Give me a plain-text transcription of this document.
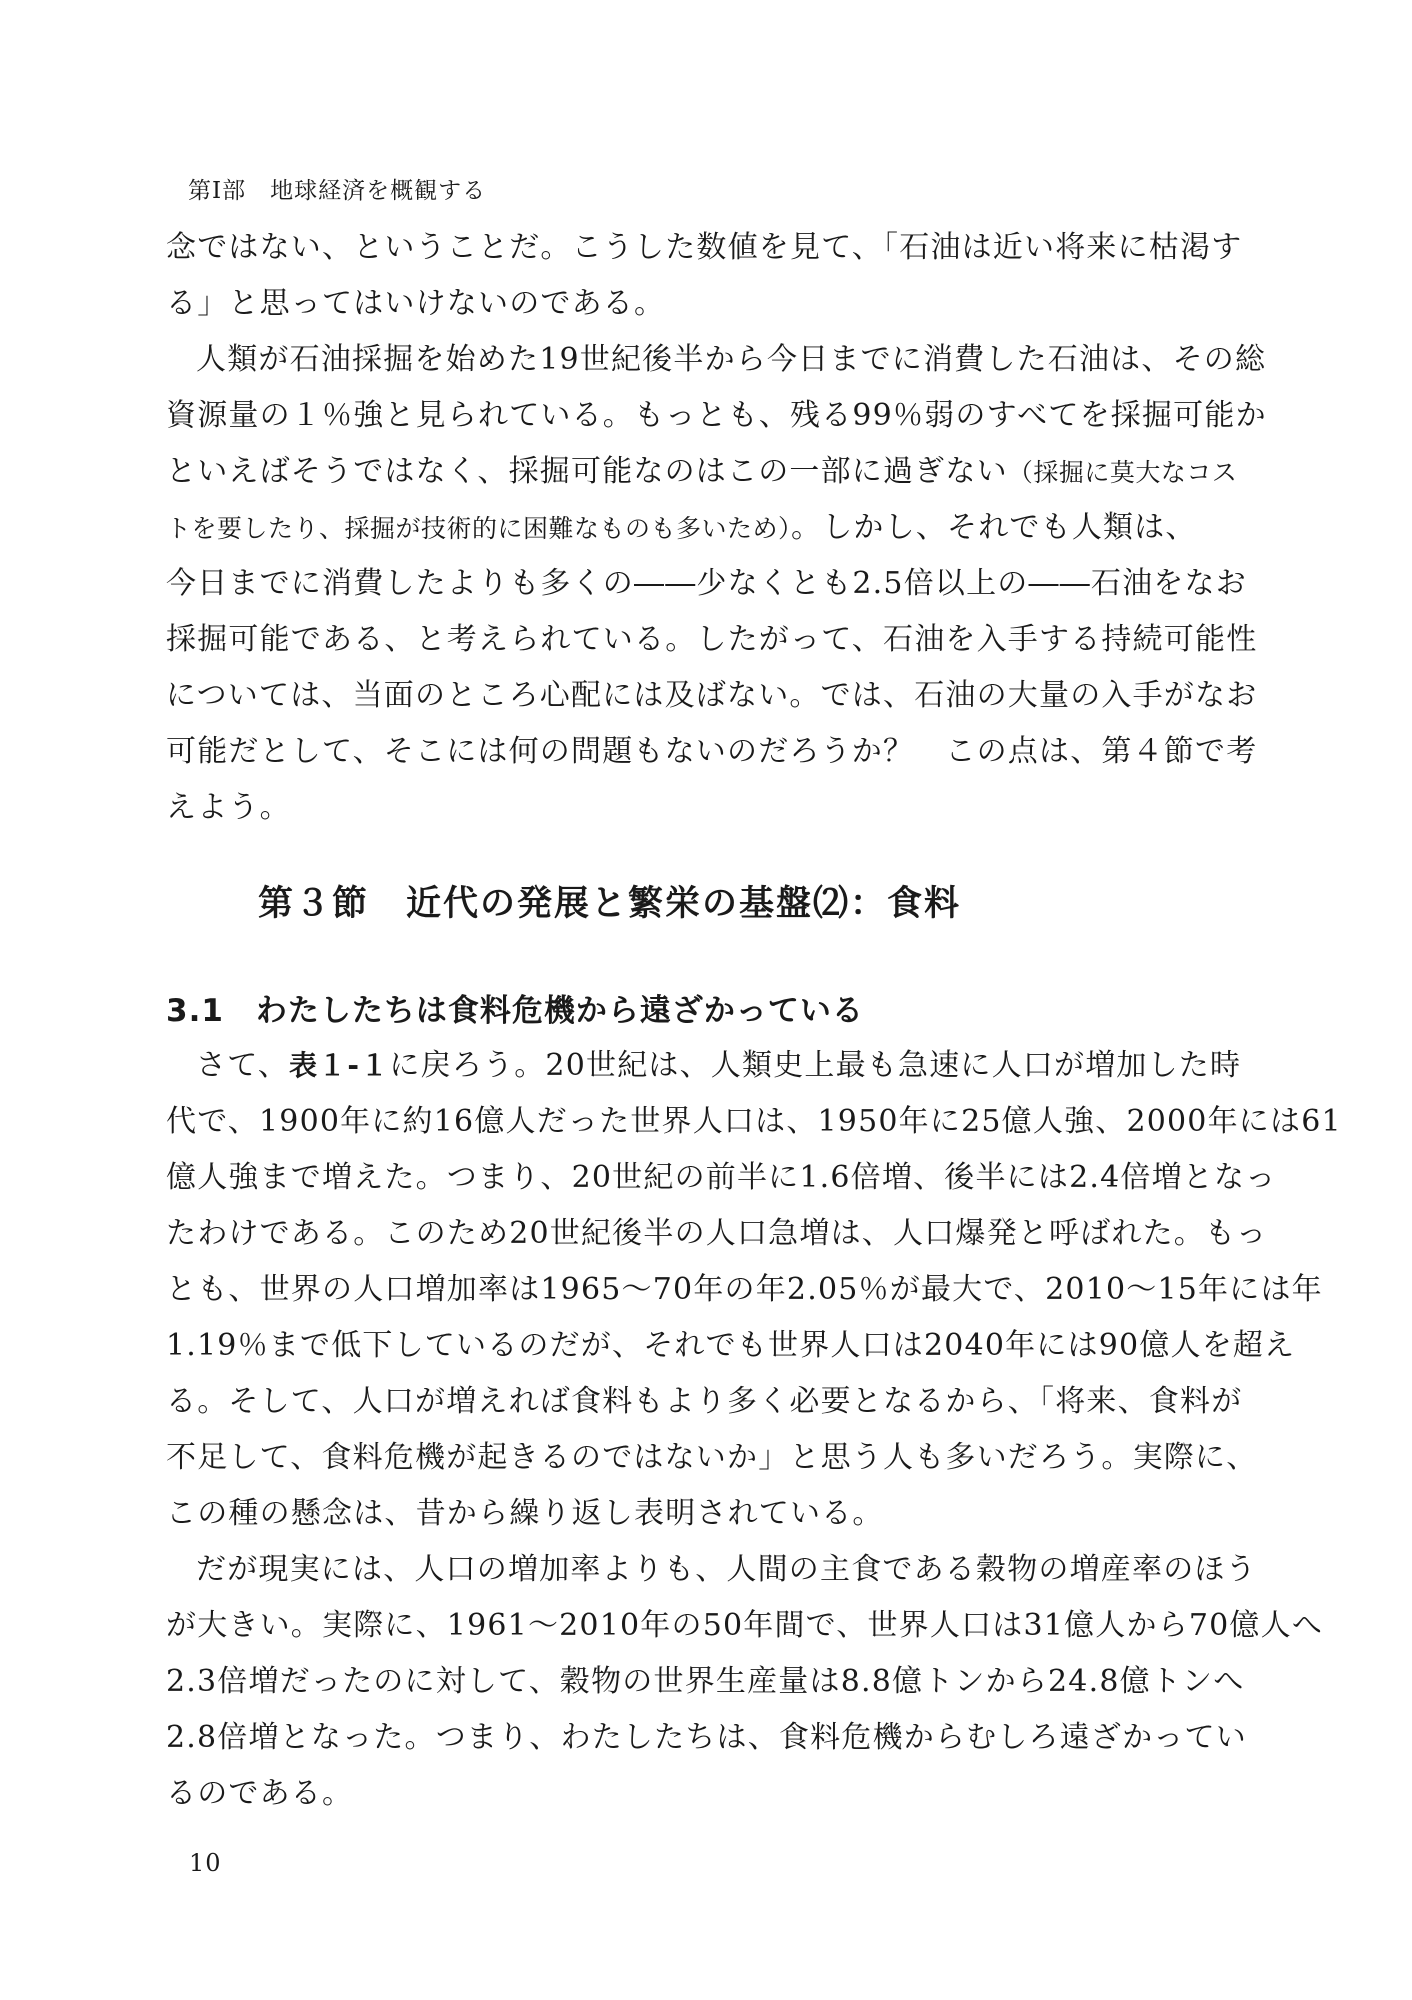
第Ⅰ部　地球経済を概観する
念ではない、ということだ。こうした数値を見て、「石油は近い将来に枯渇す
る」と思ってはいけないのである。
人類が石油採掘を始めた19世紀後半から今日までに消費した石油は、その総
資源量の１％強と見られている。もっとも、残る99％弱のすべてを採掘可能か
といえばそうではなく、採掘可能なのはこの一部に過ぎない（採掘に莫大なコス
トを要したり、採掘が技術的に困難なものも多いため）。しかし、それでも人類は、
今日までに消費したよりも多くの――少なくとも2.5倍以上の――石油をなお
採掘可能である、と考えられている。したがって、石油を入手する持続可能性
については、当面のところ心配には及ばない。では、石油の大量の入手がなお
可能だとして、そこには何の問題もないのだろうか？　この点は、第４節で考
えよう。
第３節　近代の発展と繁栄の基盤⑵：食料
3.1　わたしたちは食料危機から遠ざかっている
さて、表１‐１に戻ろう。20世紀は、人類史上最も急速に人口が増加した時
代で、1900年に約16億人だった世界人口は、1950年に25億人強、2000年には61
億人強まで増えた。つまり、20世紀の前半に1.6倍増、後半には2.4倍増となっ
たわけである。このため20世紀後半の人口急増は、人口爆発と呼ばれた。もっ
とも、世界の人口増加率は1965～70年の年2.05％が最大で、2010～15年には年
1.19％まで低下しているのだが、それでも世界人口は2040年には90億人を超え
る。そして、人口が増えれば食料もより多く必要となるから、「将来、食料が
不足して、食料危機が起きるのではないか」と思う人も多いだろう。実際に、
この種の懸念は、昔から繰り返し表明されている。
だが現実には、人口の増加率よりも、人間の主食である穀物の増産率のほう
が大きい。実際に、1961～2010年の50年間で、世界人口は31億人から70億人へ
2.3倍増だったのに対して、穀物の世界生産量は8.8億トンから24.8億トンへ
2.8倍増となった。つまり、わたしたちは、食料危機からむしろ遠ざかってい
るのである。
10
